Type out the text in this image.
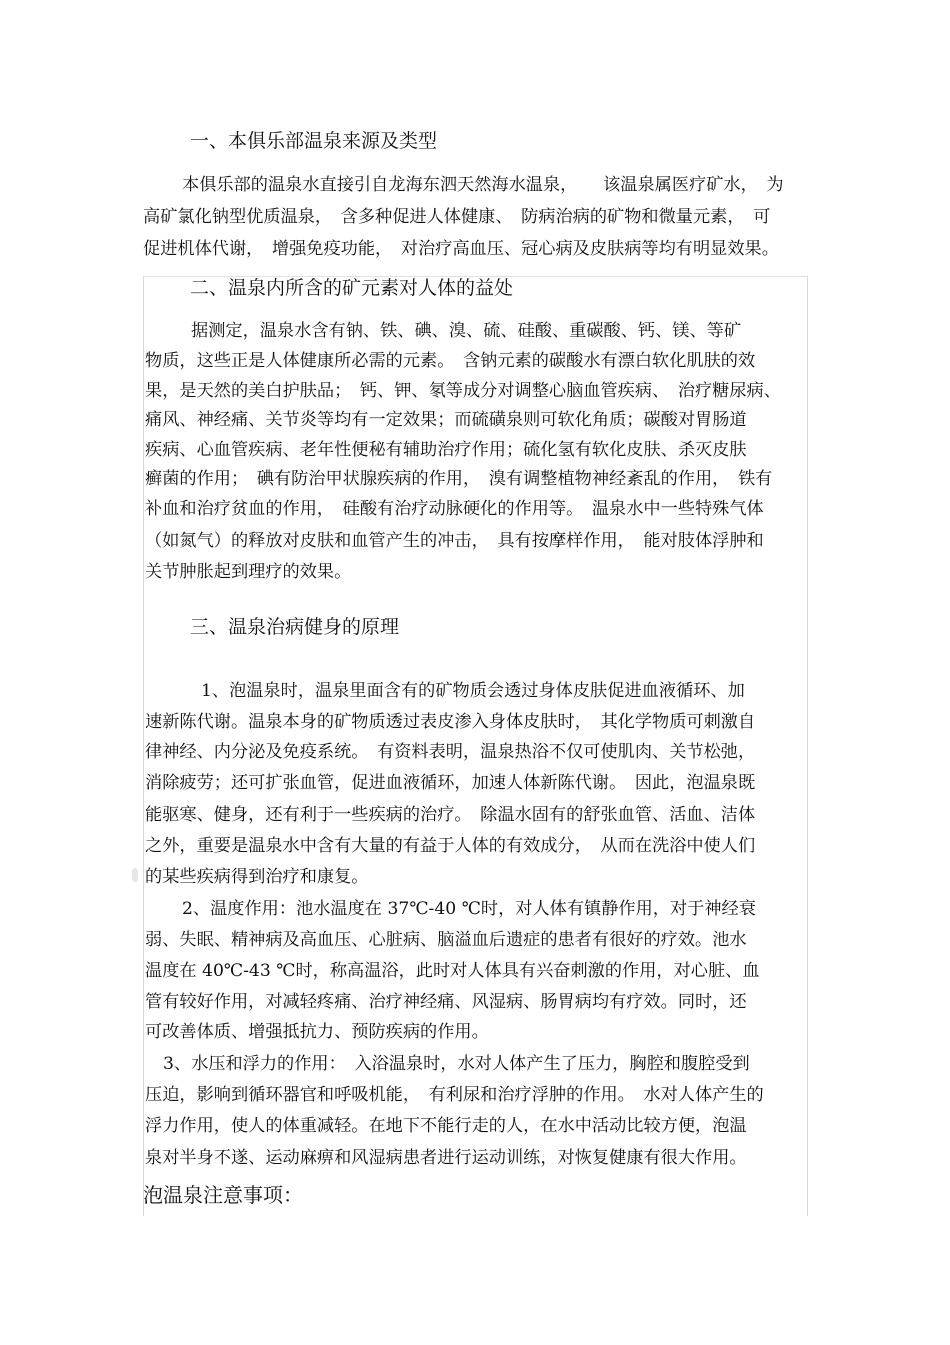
一、本俱乐部温泉来源及类型
本俱乐部的温泉水直接引自龙海东泗天然海水温泉，　　该温泉属医疗矿水，　为
高矿氯化钠型优质温泉，　含多种促进人体健康、　防病治病的矿物和微量元素，　可
促进机体代谢，　增强免疫功能，　对治疗高血压、冠心病及皮肤病等均有明显效果。
二、温泉内所含的矿元素对人体的益处
据测定，温泉水含有钠、铁、碘、溴、硫、硅酸、重碳酸、钙、镁、等矿
物质，这些正是人体健康所必需的元素。　含钠元素的碳酸水有漂白软化肌肤的效
果，是天然的美白护肤品；　钙、钾、氡等成分对调整心脑血管疾病、　治疗糖尿病、
痛风、神经痛、关节炎等均有一定效果；而硫磺泉则可软化角质；碳酸对胃肠道
疾病、心血管疾病、老年性便秘有辅助治疗作用；硫化氢有软化皮肤、杀灭皮肤
癣菌的作用；　碘有防治甲状腺疾病的作用，　溴有调整植物神经紊乱的作用，　铁有
补血和治疗贫血的作用，　硅酸有治疗动脉硬化的作用等。　温泉水中一些特殊气体
（如氮气）的释放对皮肤和血管产生的冲击，　具有按摩样作用，　能对肢体浮肿和
关节肿胀起到理疗的效果。
三、温泉治病健身的原理
1、泡温泉时，温泉里面含有的矿物质会透过身体皮肤促进血液循环、加
速新陈代谢。温泉本身的矿物质透过表皮渗入身体皮肤时，　其化学物质可刺激自
律神经、内分泌及免疫系统。　有资料表明，温泉热浴不仅可使肌肉、关节松弛，
消除疲劳；还可扩张血管，促进血液循环，加速人体新陈代谢。　因此，泡温泉既
能驱寒、健身，还有利于一些疾病的治疗。　除温水固有的舒张血管、活血、洁体
之外，重要是温泉水中含有大量的有益于人体的有效成分，　从而在洗浴中使人们
的某些疾病得到治疗和康复。
2、温度作用：池水温度在 37℃-40 ℃时，对人体有镇静作用，对于神经衰
弱、失眠、精神病及高血压、心脏病、脑溢血后遗症的患者有很好的疗效。池水
温度在 40℃-43 ℃时，称高温浴，此时对人体具有兴奋刺激的作用，对心脏、血
管有较好作用，对减轻疼痛、治疗神经痛、风湿病、肠胃病均有疗效。同时，还
可改善体质、增强抵抗力、预防疾病的作用。
3、水压和浮力的作用：　入浴温泉时，水对人体产生了压力，胸腔和腹腔受到
压迫，影响到循环器官和呼吸机能，　有利尿和治疗浮肿的作用。　水对人体产生的
浮力作用，使人的体重减轻。在地下不能行走的人，在水中活动比较方便，泡温
泉对半身不遂、运动麻痹和风湿病患者进行运动训练，对恢复健康有很大作用。
泡温泉注意事项：
